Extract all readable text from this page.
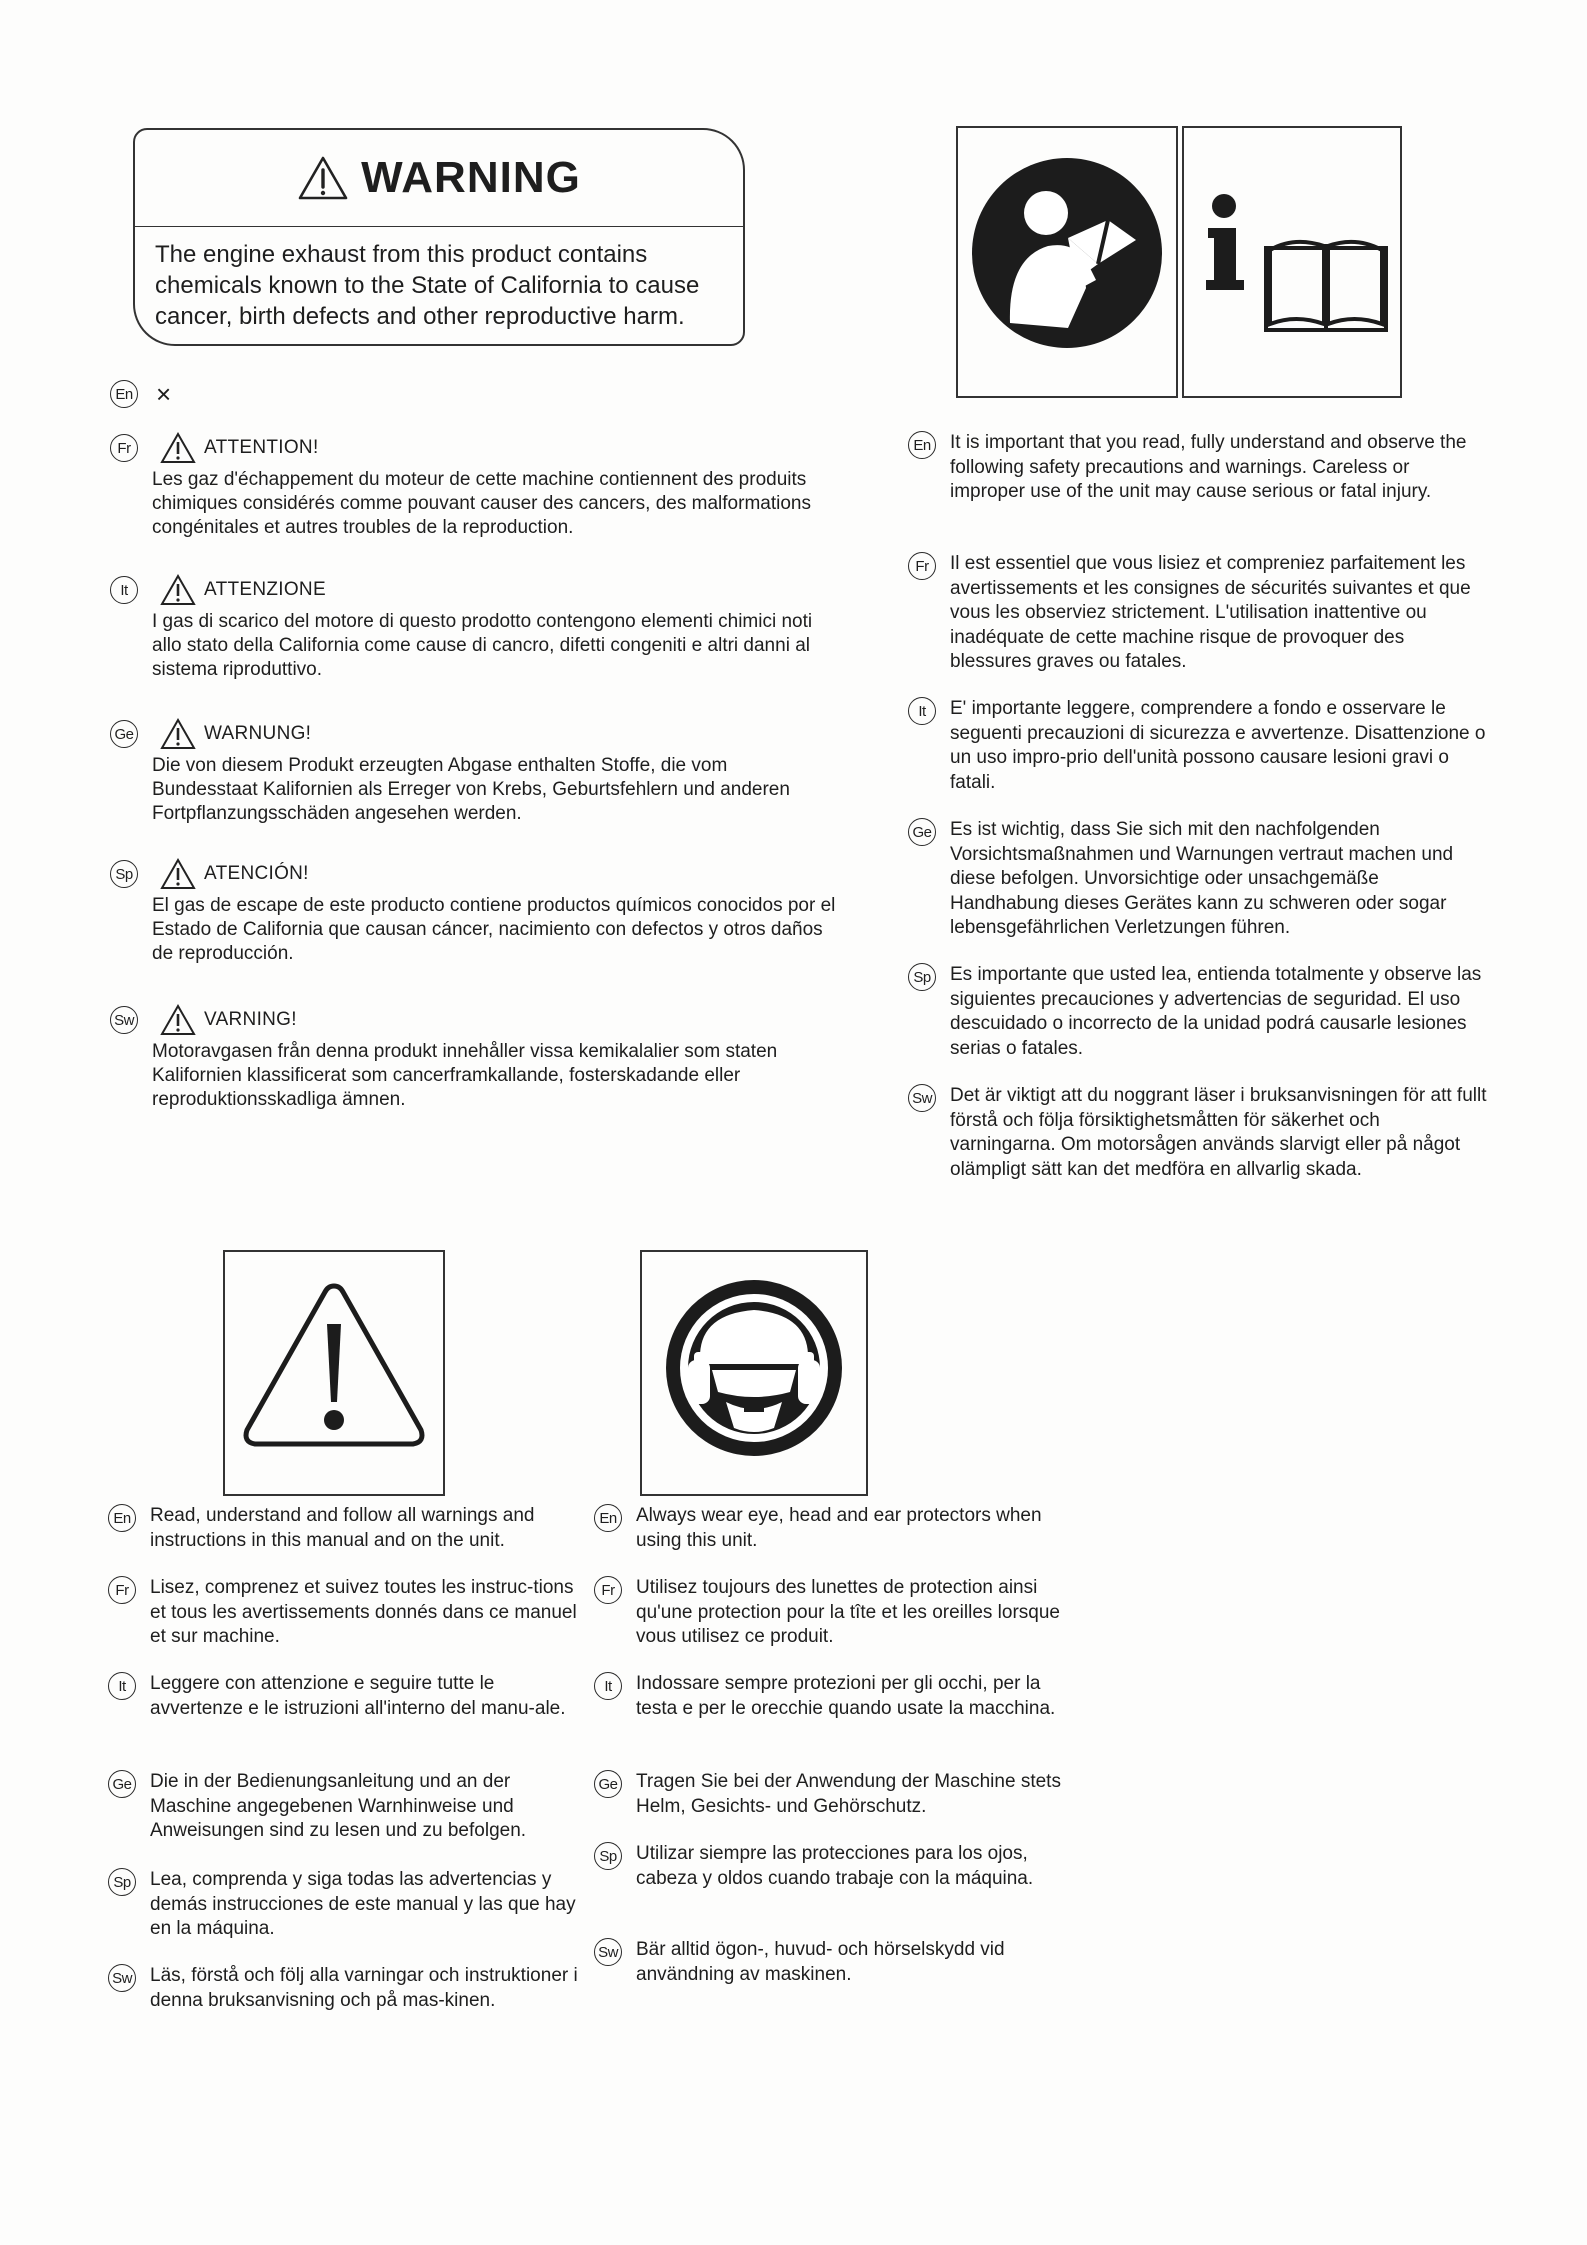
WARNING
The engine exhaust from this product contains chemicals known to the State of California to cause cancer, birth defects and other reproductive harm.
En ×
Fr	ATTENTION!
Les gaz d'échappement du moteur de cette machine contiennent des produits chimiques considérés comme pouvant causer des cancers, des malformations congénitales et autres troubles de la reproduction.
It	ATTENZIONE
I gas di scarico del motore di questo prodotto contengono elementi chimici noti allo stato della California come cause di cancro, difetti congeniti e altri danni al sistema riproduttivo.
Ge	WARNUNG!
Die von diesem Produkt erzeugten Abgase enthalten Stoffe, die vom Bundesstaat Kalifornien als Erreger von Krebs, Geburtsfehlern und anderen Fortpflanzungsschäden angesehen werden.
Sp	ATENCIÓN!
El gas de escape de este producto contiene productos químicos conocidos por el Estado de California que causan cáncer, nacimiento con defectos y otros daños de reproducción.
Sw	VARNING!
Motoravgasen från denna produkt innehåller vissa kemikalalier som staten Kalifornien klassificerat som cancerframkallande, fosterskadande eller reproduktionsskadliga ämnen.
En It is important that you read, fully understand and observe the following safety precautions and warnings. Careless or improper use of the unit may cause serious or fatal injury.
Fr	Il est essentiel que vous lisiez et compreniez parfaitement les avertissements et les consignes de sécurités suivantes et que vous les observiez strictement. L'utilisation inattentive ou inadéquate de cette machine risque de provoquer des blessures graves ou fatales.
It	E' importante leggere, comprendere a fondo e osservare le seguenti precauzioni di sicurezza e avvertenze. Disattenzione o un uso impro-prio dell'unità possono causare lesioni gravi o fatali.
Ge Es ist wichtig, dass Sie sich mit den nachfolgenden Vorsichtsmaßnahmen und Warnungen vertraut machen und diese befolgen. Unvorsichtige oder unsachgemäße Handhabung dieses Gerätes kann zu schweren oder sogar lebensgefährlichen Verletzungen führen.
Sp Es importante que usted lea, entienda totalmente y observe las siguientes precauciones y advertencias de seguridad. El uso descuidado o incorrecto de la unidad podrá causarle lesiones serias o fatales.
Sw Det är viktigt att du noggrant läser i bruksanvisningen för att fullt förstå och följa försiktighetsmåtten för säkerhet och varningarna. Om motorsågen används slarvigt eller på något olämpligt sätt kan det medföra en allvarlig skada.
En Read, understand and follow all warnings and instructions in this manual and on the unit.
Fr	Lisez, comprenez et suivez toutes les instruc-tions et tous les avertissements donnés dans ce manuel et sur machine.
It	Leggere con attenzione e seguire tutte le avvertenze e le istruzioni all'interno del manu-ale.
Ge Die in der Bedienungsanleitung und an der Maschine angegebenen Warnhinweise und Anweisungen sind zu lesen und zu befolgen.
Sp Lea, comprenda y siga todas las advertencias y demás instrucciones de este manual y las que hay en la máquina.
Sw Läs, förstå och följ alla varningar och instruktioner i denna bruksanvisning och på mas-kinen.
En Always wear eye, head and ear protectors when using this unit.
Fr	Utilisez toujours des lunettes de protection ainsi qu'une protection pour la tîte et les oreilles lorsque vous utilisez ce produit.
It	Indossare sempre protezioni per gli occhi, per la testa e per le orecchie quando usate la macchina.
Ge Tragen Sie bei der Anwendung der Maschine stets Helm, Gesichts- und Gehörschutz.
Sp Utilizar siempre las protecciones para los ojos, cabeza y oldos cuando trabaje con la máquina.
Sw Bär alltid ögon-, huvud- och hörselskydd vid användning av maskinen.
